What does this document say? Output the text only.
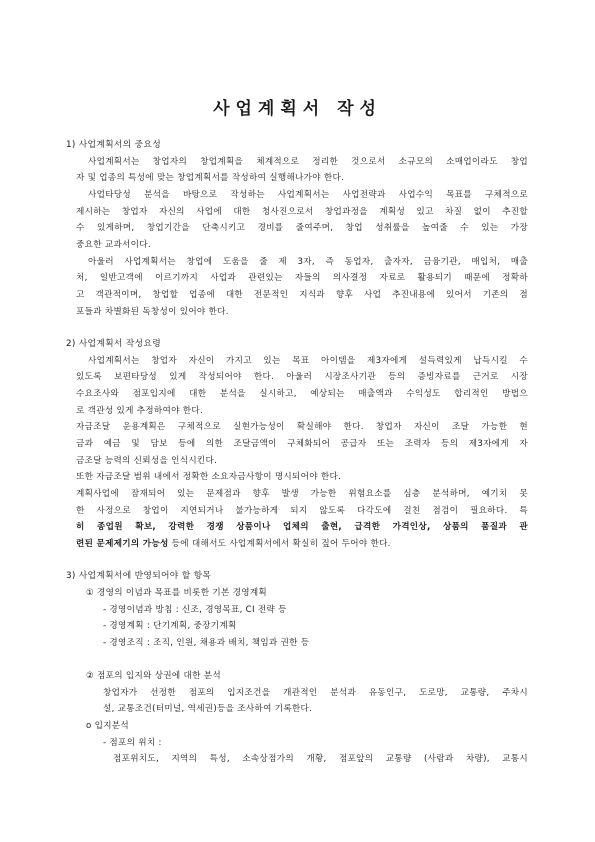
사업계획서 작성
1) 사업계획서의 중요성
사업계획서는 창업자의 창업계획을 체계적으로 정리한 것으로서 소규모의 소매업이라도 창업
자 및 업종의 특성에 맞는 창업계획서를 작성하여 실행해나가야 한다.
사업타당성 분석을 바탕으로 작성하는 사업계획서는 사업전략과 사업수익 목표를 구체적으로
제시하는 창업자 자신의 사업에 대한 청사진으로서 창업과정을 계획성 있고 차질 없이 추진할
수 있게하며, 창업기간을 단축시키고 경비를 줄여주며, 창업 성취률을 높여줄 수 있는 가장
중요한 교과서이다.
아울러 사업계획서는 창업에 도움을 줄 제 3자, 즉 동업자, 출자자, 금융기관, 매입처, 매출
처, 일반고객에 이르기까지 사업과 관련있는 자들의 의사결정 자료로 활용되기 때문에 정확하
고 객관적이며, 창업할 업종에 대한 전문적인 지식과 향후 사업 추진내용에 있어서 기존의 점
포들과 차별화된 독창성이 있어야 한다.
2) 사업계획서 작성요령
사업계획서는 창업자 자신이 가지고 있는 목표 아이템을 제3자에게 설득력있게 납득시킬 수
있도록 보편타당성 있게 작성되어야 한다. 아울러 시장조사기관 등의 증빙자료를 근거로 시장
수요조사와 점포입지에 대한 분석을 실시하고, 예상되는 매출액과 수익성도 합리적인 방법으
로 객관성 있게 추정하여야 한다.
자금조달 운용계획은 구체적으로 실현가능성이 확실해야 한다. 창업자 자신이 조달 가능한 현
금과 예금 및 담보 등에 의한 조달금액이 구체화되어 공급자 또는 조력자 등의 제3자에게 자
금조달 능력의 신뢰성을 인식시킨다.
또한 자금조달 범위 내에서 정확한 소요자금사항이 명시되어야 한다.
계획사업에 잠재되어 있는 문제점과 향후 발생 가능한 위험요소를 심층 분석하며, 예기치 못
한 사정으로 창업이 지연되거나 불가능하게 되지 않도록 다각도에 걸친 점검이 필요하다. 특
히 종업원 확보, 강력한 경쟁 상품이나 업체의 출현, 급격한 가격인상, 상품의 품질과 관
련된 문제제기의 가능성 등에 대해서도 사업계획서에서 확실히 짚어 두어야 한다.
3) 사업계획서에 반영되어야 할 항목
① 경영의 이념과 목표를 비롯한 기본 경영계획
- 경영이념과 방침 : 신조, 경영목표, CI 전략 등
- 경영계획 : 단기계획, 중장기계획
- 경영조직 : 조직, 인원, 채용과 배치, 책임과 권한 등
② 점포의 입지와 상권에 대한 분석
창업자가 선정한 점포의 입지조건을 개관적인 분석과 유동인구, 도로망, 교통량, 주차시
설, 교통조건(터미널, 역세권)등을 조사하여 기록한다.
o 입지분석
- 점포의 위치 :
점포위치도, 지역의 특성, 소속상점가의 개황, 점포앞의 교통량 (사람과 차량), 교통시
